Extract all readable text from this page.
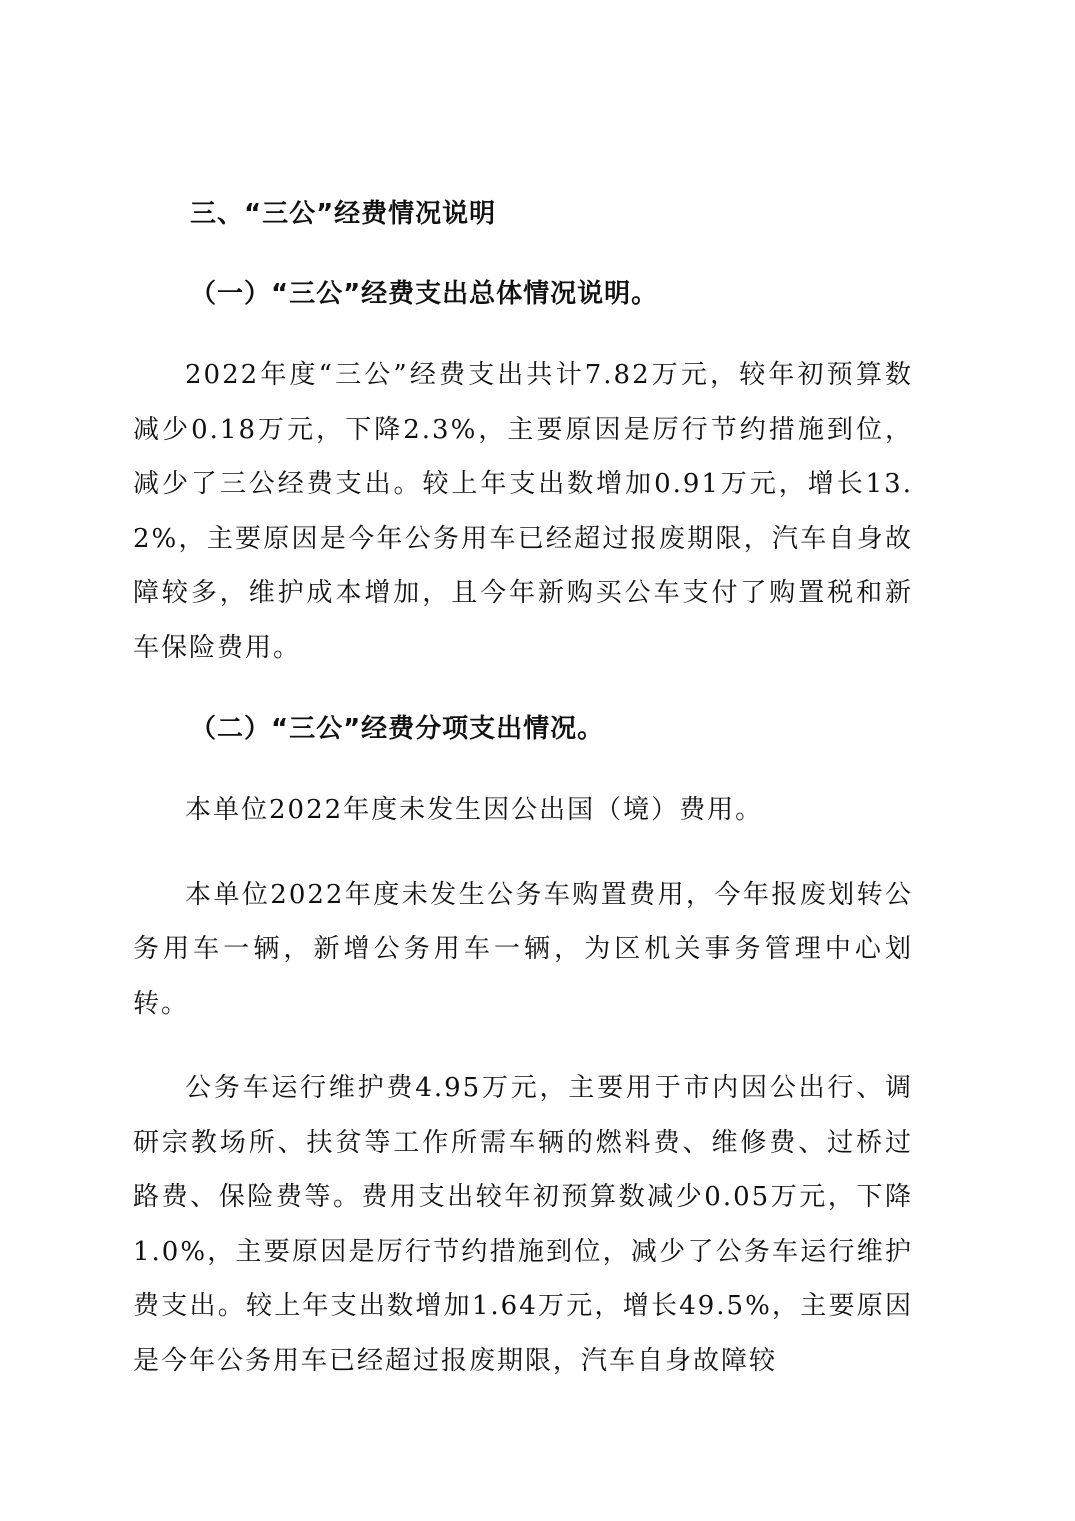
三、“三公”经费情况说明
（一）“三公”经费支出总体情况说明。

2022年度“三公”经费支出共计7.82万元，较年初预算数减少0.18万元，下降2.3%，主要原因是厉行节约措施到位，减少了三公经费支出。较上年支出数增加0.91万元，增长13.2%，主要原因是今年公务用车已经超过报废期限，汽车自身故障较多，维护成本增加，且今年新购买公车支付了购置税和新车保险费用。

（二）“三公”经费分项支出情况。

本单位2022年度未发生因公出国（境）费用。

本单位2022年度未发生公务车购置费用，今年报废划转公务用车一辆，新增公务用车一辆，为区机关事务管理中心划转。

公务车运行维护费4.95万元，主要用于市内因公出行、调研宗教场所、扶贫等工作所需车辆的燃料费、维修费、过桥过路费、保险费等。费用支出较年初预算数减少0.05万元，下降1.0%，主要原因是厉行节约措施到位，减少了公务车运行维护费支出。较上年支出数增加1.64万元，增长49.5%，主要原因是今年公务用车已经超过报废期限，汽车自身故障较
